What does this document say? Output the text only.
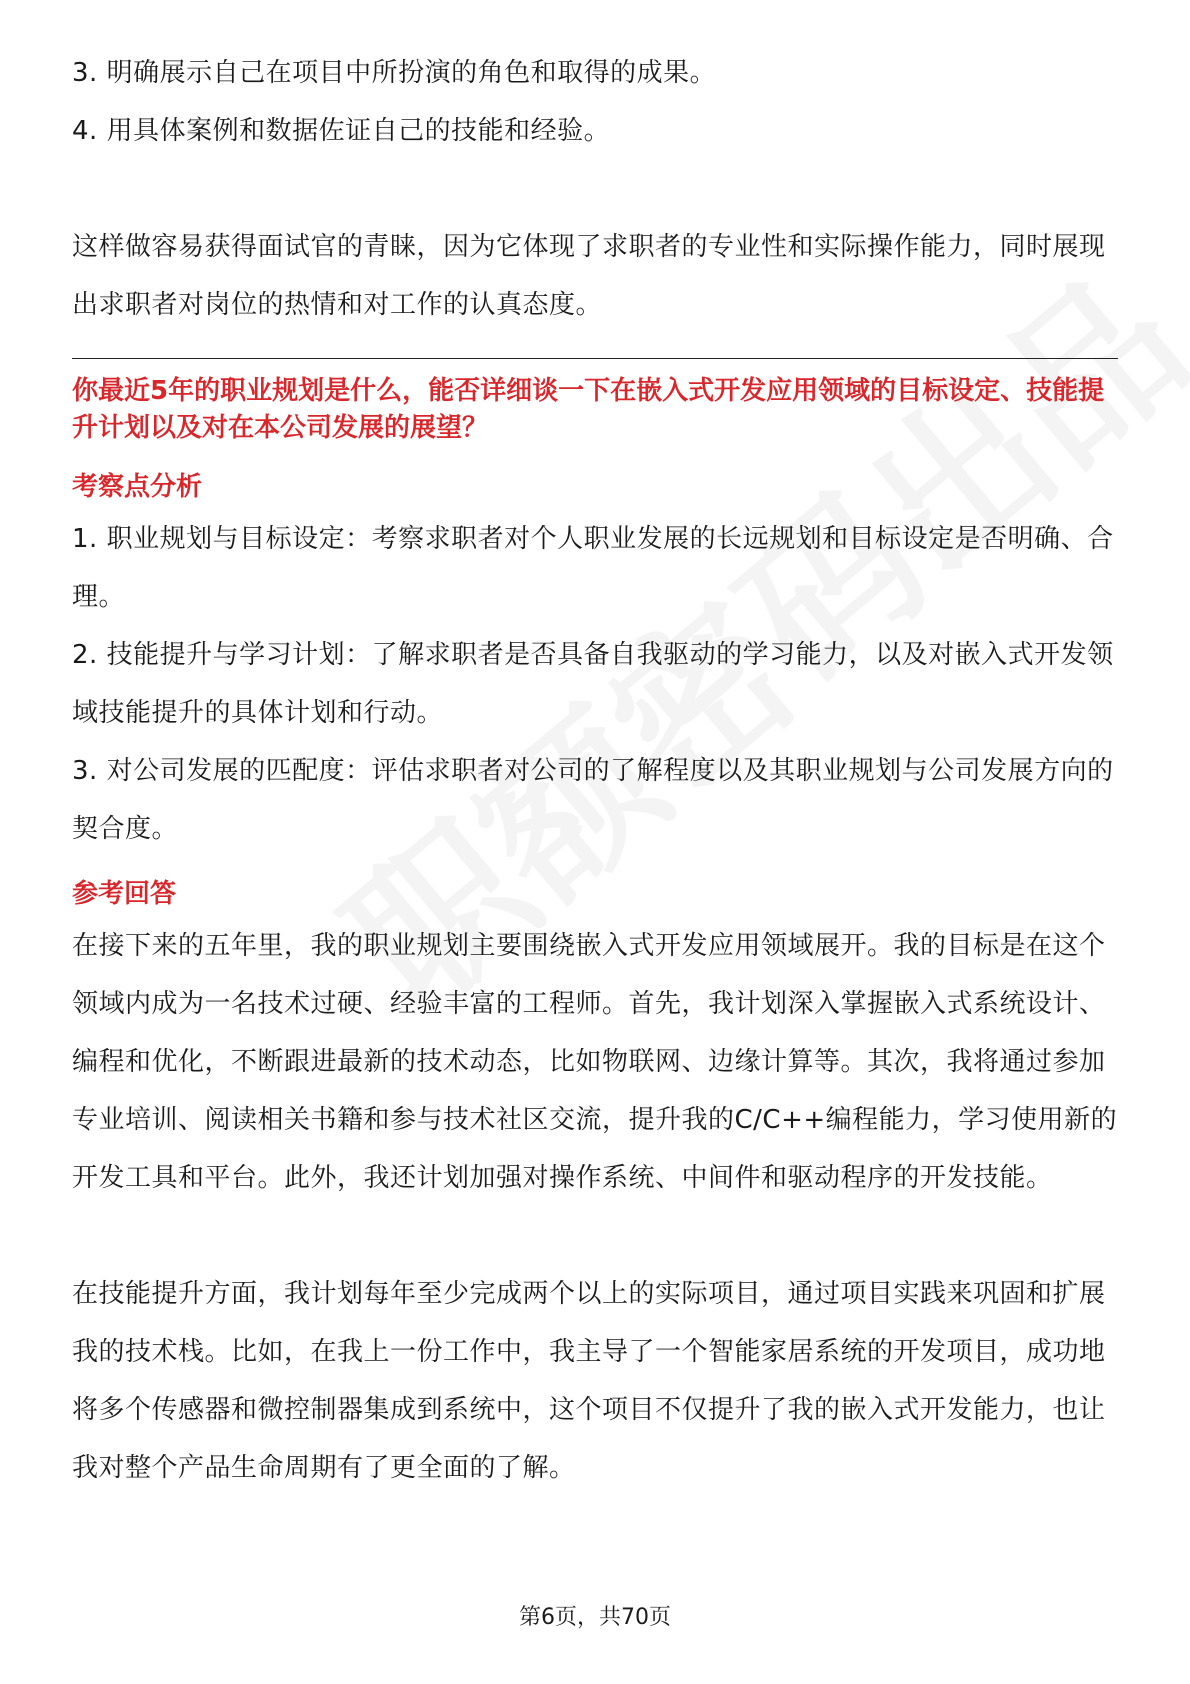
3. 明确展示自己在项目中所扮演的角色和取得的成果。

4. 用具体案例和数据佐证自己的技能和经验。

这样做容易获得面试官的青睐，因为它体现了求职者的专业性和实际操作能力，同时展现出求职者对岗位的热情和对工作的认真态度。

你最近5年的职业规划是什么，能否详细谈一下在嵌入式开发应用领域的目标设定、技能提升计划以及对在本公司发展的展望？
考察点分析

1. 职业规划与目标设定：考察求职者对个人职业发展的长远规划和目标设定是否明确、合理。

2. 技能提升与学习计划：了解求职者是否具备自我驱动的学习能力，以及对嵌入式开发领域技能提升的具体计划和行动。

3. 对公司发展的匹配度：评估求职者对公司的了解程度以及其职业规划与公司发展方向的契合度。

参考回答

在接下来的五年里，我的职业规划主要围绕嵌入式开发应用领域展开。我的目标是在这个领域内成为一名技术过硬、经验丰富的工程师。首先，我计划深入掌握嵌入式系统设计、编程和优化，不断跟进最新的技术动态，比如物联网、边缘计算等。其次，我将通过参加专业培训、阅读相关书籍和参与技术社区交流，提升我的C/C++编程能力，学习使用新的开发工具和平台。此外，我还计划加强对操作系统、中间件和驱动程序的开发技能。

在技能提升方面，我计划每年至少完成两个以上的实际项目，通过项目实践来巩固和扩展我的技术栈。比如，在我上一份工作中，我主导了一个智能家居系统的开发项目，成功地将多个传感器和微控制器集成到系统中，这个项目不仅提升了我的嵌入式开发能力，也让我对整个产品生命周期有了更全面的了解。

第6页，共70页
